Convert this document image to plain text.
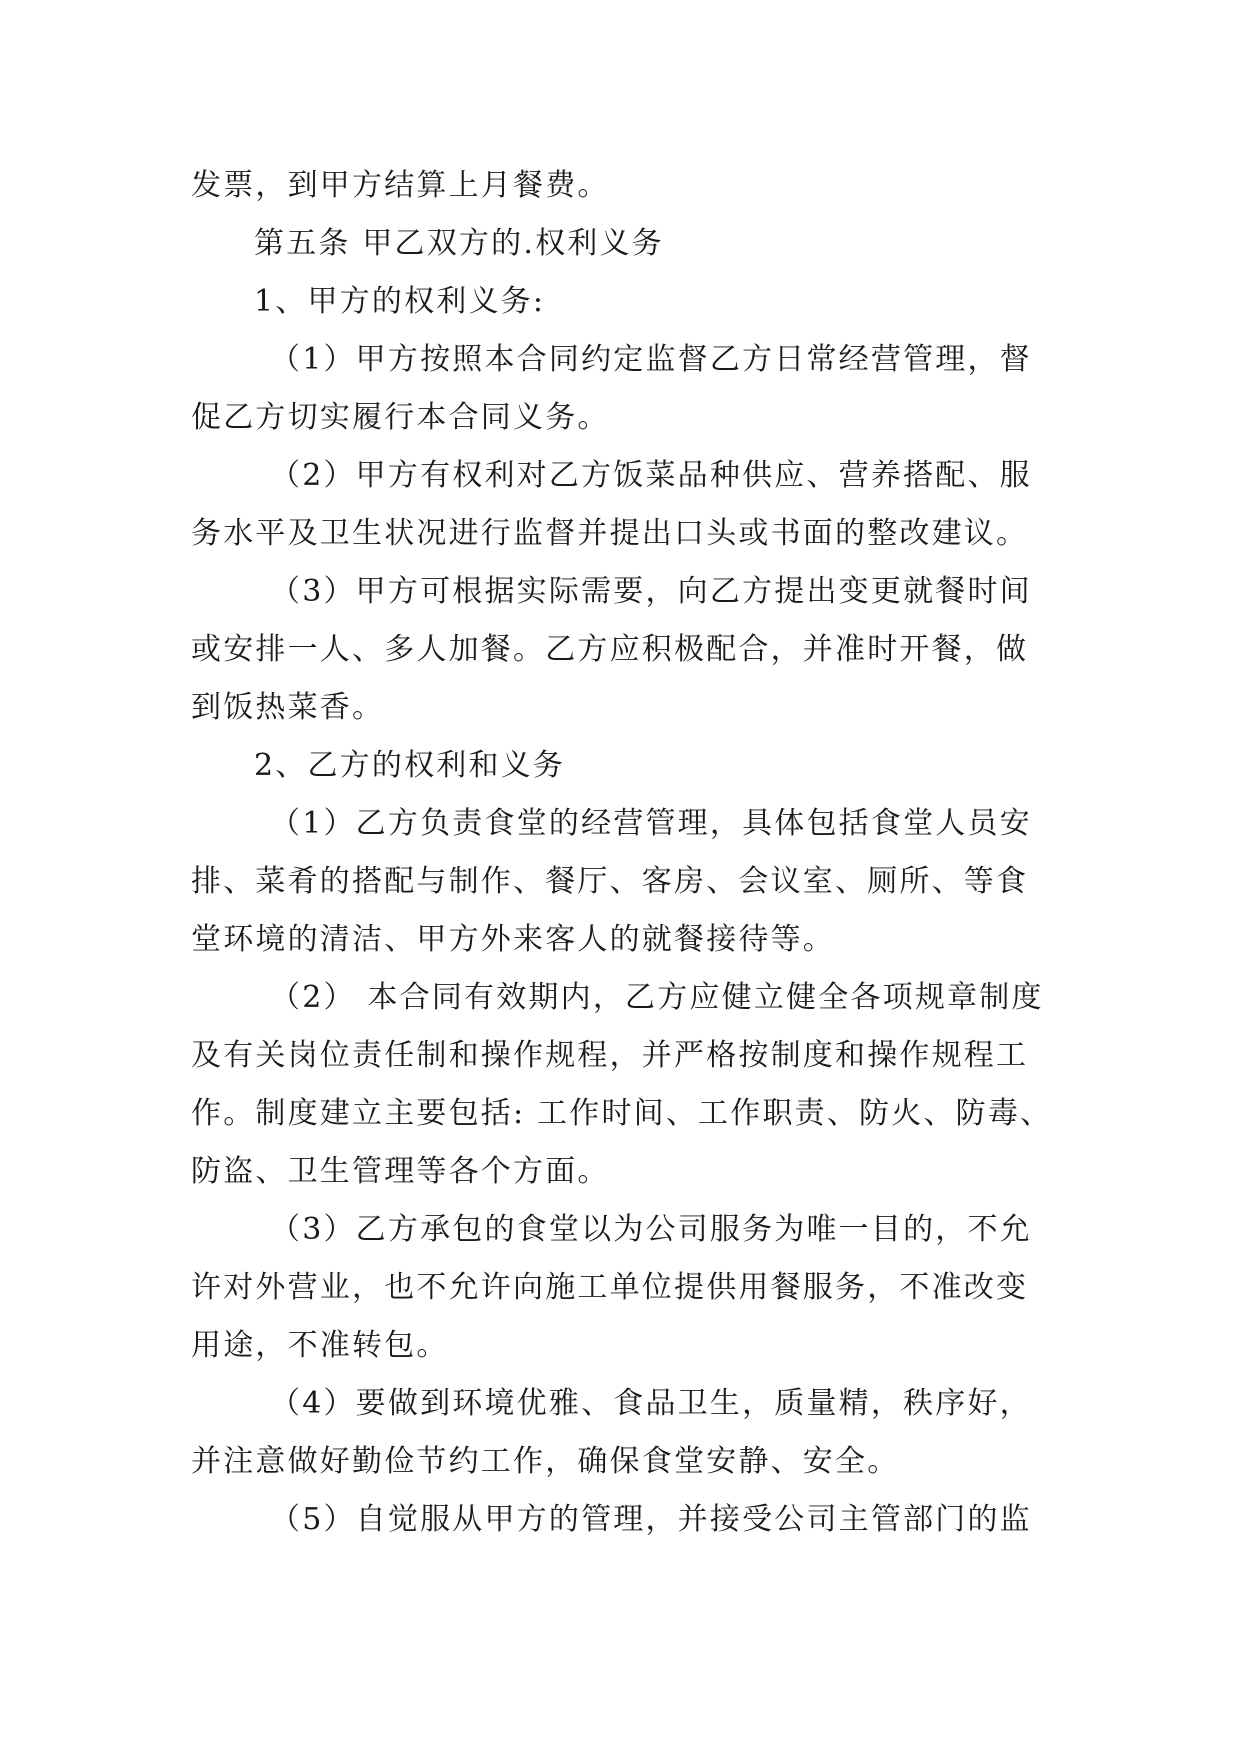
发票，到甲方结算上月餐费。
第五条 甲乙双方的.权利义务
1、甲方的权利义务:
（1）甲方按照本合同约定监督乙方日常经营管理，督
促乙方切实履行本合同义务。
（2）甲方有权利对乙方饭菜品种供应、营养搭配、服
务水平及卫生状况进行监督并提出口头或书面的整改建议。
（3）甲方可根据实际需要，向乙方提出变更就餐时间
或安排一人、多人加餐。乙方应积极配合，并准时开餐，做
到饭热菜香。
2、乙方的权利和义务
（1）乙方负责食堂的经营管理，具体包括食堂人员安
排、菜肴的搭配与制作、餐厅、客房、会议室、厕所、等食
堂环境的清洁、甲方外来客人的就餐接待等。
（2） 本合同有效期内，乙方应健立健全各项规章制度
及有关岗位责任制和操作规程，并严格按制度和操作规程工
作。制度建立主要包括: 工作时间、工作职责、防火、防毒、
防盗、卫生管理等各个方面。
（3）乙方承包的食堂以为公司服务为唯一目的，不允
许对外营业，也不允许向施工单位提供用餐服务，不准改变
用途，不准转包。
（4）要做到环境优雅、食品卫生，质量精，秩序好，
并注意做好勤俭节约工作，确保食堂安静、安全。
（5）自觉服从甲方的管理，并接受公司主管部门的监
